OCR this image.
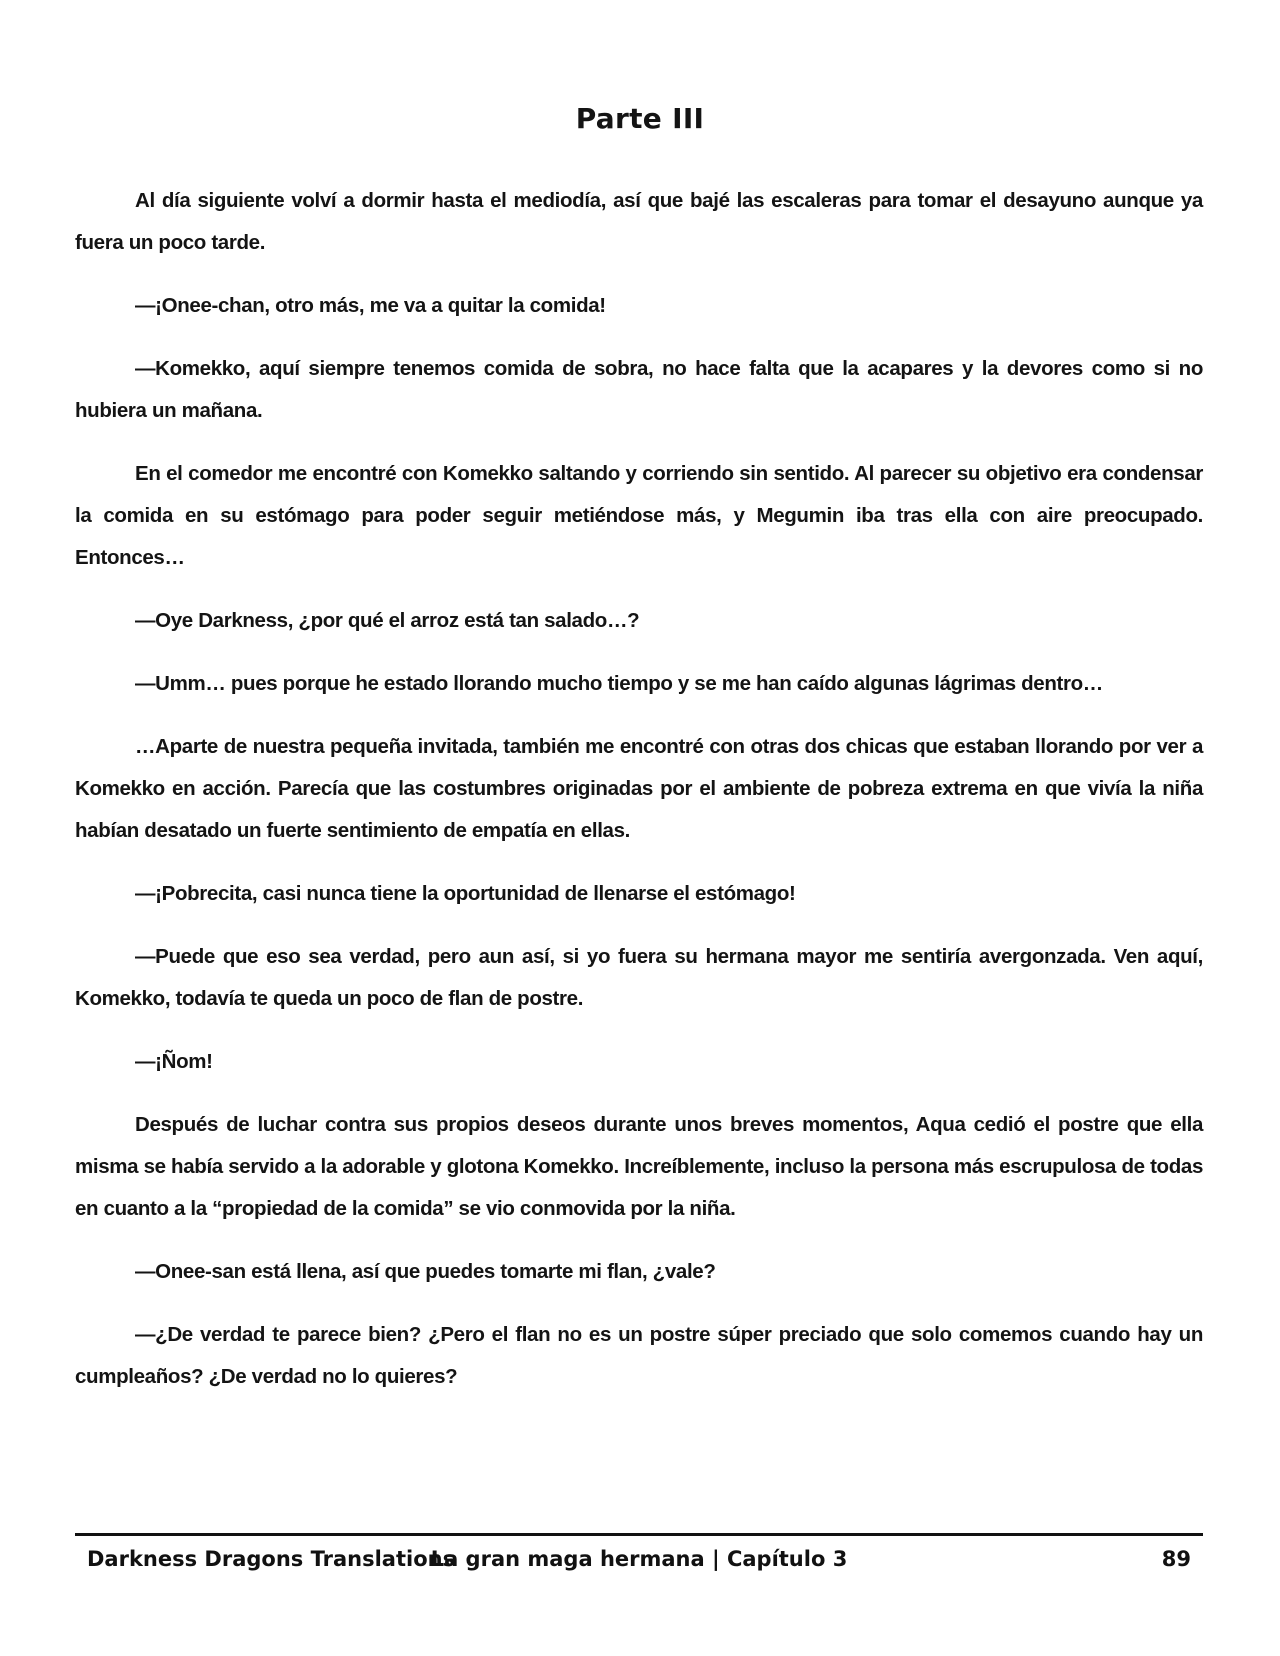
Parte III

Al día siguiente volví a dormir hasta el mediodía, así que bajé las escaleras para tomar el desayuno aunque ya fuera un poco tarde.

—¡Onee-chan, otro más, me va a quitar la comida!

—Komekko, aquí siempre tenemos comida de sobra, no hace falta que la acapares y la devores como si no hubiera un mañana.

En el comedor me encontré con Komekko saltando y corriendo sin sentido. Al parecer su objetivo era condensar la comida en su estómago para poder seguir metiéndose más, y Megumin iba tras ella con aire preocupado. Entonces…

—Oye Darkness, ¿por qué el arroz está tan salado…?

—Umm… pues porque he estado llorando mucho tiempo y se me han caído algunas lágrimas dentro…

…Aparte de nuestra pequeña invitada, también me encontré con otras dos chicas que estaban llorando por ver a Komekko en acción. Parecía que las costumbres originadas por el ambiente de pobreza extrema en que vivía la niña habían desatado un fuerte sentimiento de empatía en ellas.

—¡Pobrecita, casi nunca tiene la oportunidad de llenarse el estómago!

—Puede que eso sea verdad, pero aun así, si yo fuera su hermana mayor me sentiría avergonzada. Ven aquí, Komekko, todavía te queda un poco de flan de postre.

—¡Ñom!

Después de luchar contra sus propios deseos durante unos breves momentos, Aqua cedió el postre que ella misma se había servido a la adorable y glotona Komekko. Increíblemente, incluso la persona más escrupulosa de todas en cuanto a la “propiedad de la comida” se vio conmovida por la niña.

—Onee-san está llena, así que puedes tomarte mi flan, ¿vale?

—¿De verdad te parece bien? ¿Pero el flan no es un postre súper preciado que solo comemos cuando hay un cumpleaños? ¿De verdad no lo quieres?

Darkness Dragons Translations
La gran maga hermana | Capítulo 3	89
